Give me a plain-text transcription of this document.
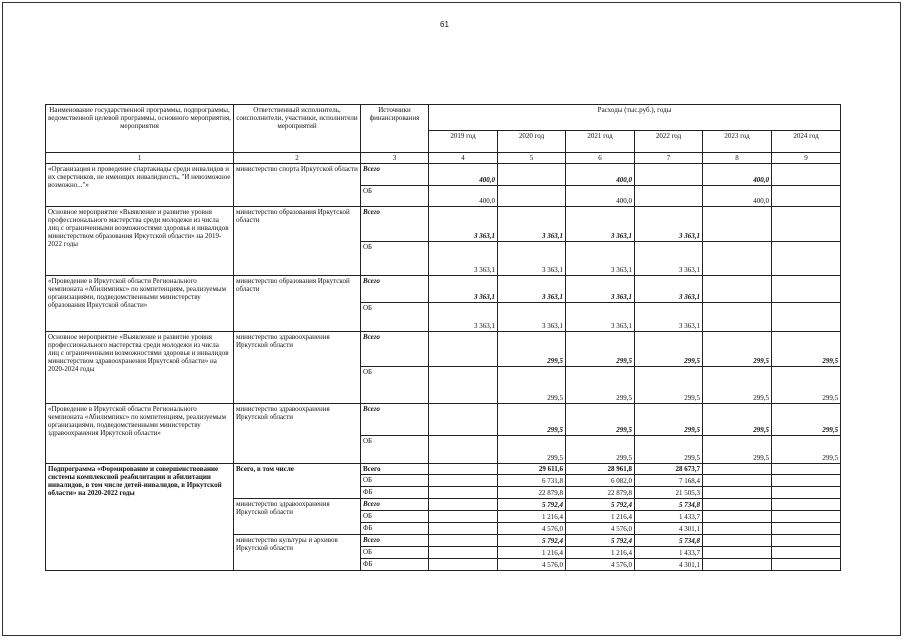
61
Наименование государственной программы, подпрограммы, ведомственной целевой программы, основного мероприятия, мероприятия	Ответственный исполнитель, соисполнители, участники, исполнители мероприятий	Источники финансирования	Расходы (тыс.руб.), годы					
			2019 год	2020 год	2021 год	2022 год	2023 год	2024 год
1	2	3	4	5	6	7	8	9
«Организация и проведение спартакиады среди инвалидов и их сверстников, не имеющих инвалидность, "И невозможное возможно..."»	министерство спорта Иркутской области	Всего	400,0		400,0		400,0	
		ОБ	400,0		400,0		400,0	
Основное мероприятие «Выявление и развитие уровня профессионального мастерства среди молодежи из числа лиц с ограниченными возможностями здоровья и инвалидов министерством образования Иркутской области» на 2019-2022 годы	министерство образования Иркутской области	Всего	3 363,1	3 363,1	3 363,1	3 363,1		
		ОБ	3 363,1	3 363,1	3 363,1	3 363,1		
«Проведение в Иркутской области Регионального чемпионата «Абилимпикс» по компетенциям, реализуемым организациями, подведомственными министерству образования Иркутской области»	министерство образования Иркутской области	Всего	3 363,1	3 363,1	3 363,1	3 363,1		
		ОБ	3 363,1	3 363,1	3 363,1	3 363,1		
Основное мероприятие «Выявление и развитие уровня профессионального мастерства среди молодежи из числа лиц с ограниченными возможностями здоровья и инвалидов министерством здравоохранения Иркутской области» на 2020-2024 годы	министерство здравоохранения Иркутской области	Всего		299,5	299,5	299,5	299,5	299,5
		ОБ		299,5	299,5	299,5	299,5	299,5
«Проведение в Иркутской области Регионального чемпионата «Абилимпикс» по компетенциям, реализуемым организациями, подведомственными министерству здравоохранения Иркутской области»	министерство здравоохранения Иркутской области	Всего		299,5	299,5	299,5	299,5	299,5
		ОБ		299,5	299,5	299,5	299,5	299,5
Подпрограмма «Формирование и совершенствование системы комплексной реабилитации и абилитации инвалидов, в том числе детей-инвалидов, в Иркутской области» на 2020-2022 годы	Всего, в том числе	Всего		29 611,6	28 961,8	28 673,7		
		ОБ		6 731,8	6 082,0	7 168,4		
		ФБ		22 879,8	22 879,8	21 505,3		
	министерство здравоохранения Иркутской области	Всего		5 792,4	5 792,4	5 734,8		
		ОБ		1 216,4	1 216,4	1 433,7		
		ФБ		4 576,0	4 576,0	4 301,1		
	министерство культуры и архивов Иркутской области	Всего		5 792,4	5 792,4	5 734,8		
		ОБ		1 216,4	1 216,4	1 433,7		
		ФБ		4 576,0	4 576,0	4 301,1		
